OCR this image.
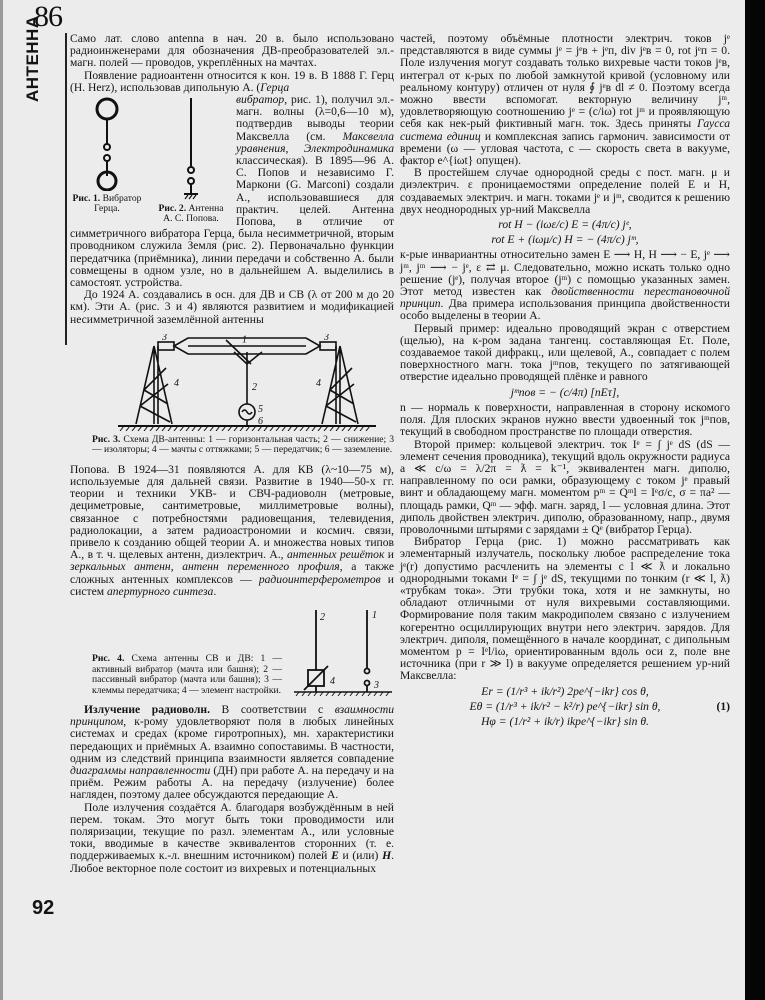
86
АНТЕННА
92

Само лат. слово antenna в нач. 20 в. было использовано радиоинженерами для обозначения ДВ-преобразователей эл.-магн. полей — проводов, укреплённых на мачтах.

Появление радиоантенн относится к кон. 19 в. В 1888 Г. Герц (H. Herz), использовав дипольную А. (Герца

Рис. 1. Вибратор Герца.	Рис. 2. Антенна А. С. Попова.

вибратор, рис. 1), получил эл.-магн. волны (λ=0,6—10 м), подтвердив выводы теории Максвелла (см. Максвелла уравнения, Электродинамика классическая). В 1895—96 А. С. Попов и независимо Г. Маркони (G. Marconi) создали А., использовавшиеся для практич. целей. Антенна Попова, в отличие от симметричного вибратора Герца, была несимметричной, вторым проводником служила Земля (рис. 2). Первоначально функции передатчика (приёмника), линии передачи и собственно А. были совмещены в одном узле, но в дальнейшем А. выделились в самостоят. устройства.

До 1924 А. создавались в осн. для ДВ и СВ (λ от 200 м до 20 км). Эти А. (рис. 3 и 4) являются развитием и модификацией несимметричной заземлённой антенны

1
2
3	3
4	4
5
6
Рис. 3. Схема ДВ-антенны: 1 — горизонтальная часть; 2 — снижение; 3 — изоляторы; 4 — мачты с оттяжками; 5 — передатчик; 6 — заземление.

Попова. В 1924—31 появляются А. для КВ (λ~10—75 м), используемые для дальней связи. Развитие в 1940—50-х гг. теории и техники УКВ- и СВЧ-радиоволн (метровые, дециметровые, сантиметровые, миллиметровые волны), связанное с потребностями радиовещания, телевидения, радиолокации, а затем радиоастрономии и космич. связи, привело к созданию общей теории А. и множества новых типов А., в т. ч. щелевых антенн, диэлектрич. А., антенных решёток и зеркальных антенн, антенн переменного профиля, а также сложных антенных комплексов — радиоинтерферометров и систем апертурного синтеза.

Рис. 4. Схема антенны СВ и ДВ: 1 — активный вибратор (мачта или башня); 2 — пассивный вибратор (мачта или башня); 3 — клеммы передатчика; 4 — элемент настройки.
1
2
3
4

Излучение радиоволн. В соответствии с взаимности принципом, к-рому удовлетворяют поля в любых линейных системах и средах (кроме гиротропных), мн. характеристики передающих и приёмных А. взаимно сопоставимы. В частности, одним из следствий принципа взаимности является совпадение диаграммы направленности (ДН) при работе А. на передачу и на приём. Режим работы А. на передачу (излучение) более нагляден, поэтому далее обсуждаются передающие А.

Поле излучения создаётся А. благодаря возбуждённым в ней перем. токам. Это могут быть токи проводимости или поляризации, текущие по разл. элементам А., или условные токи, вводимые в качестве эквивалентов сторонних (т. е. поддерживаемых к.-л. внешним источником) полей E и (или) H. Любое векторное поле состоит из вихревых и потенциальных

частей, поэтому объёмные плотности электрич. токов jᵉ представляются в виде суммы jᵉ = jᵉв + jᵉп, div jᵉв = 0, rot jᵉп = 0. Поле излучения могут создавать только вихревые части токов jᵉв, интеграл от к-рых по любой замкнутой кривой (условному или реальному контуру) отличен от нуля ∮ jᵉв dl ≠ 0. Поэтому всегда можно ввести вспомогат. векторную величину jᵐ, удовлетворяющую соотношению jᵉ = (c/iω) rot jᵐ и проявляющую себя как нек-рый фиктивный магн. ток. Здесь приняты Гаусса система единиц и комплексная запись гармонич. зависимости от времени (ω — угловая частота, c — скорость света в вакууме, фактор e^{iωt} опущен).

В простейшем случае однородной среды с пост. магн. μ и диэлектрич. ε проницаемостями определение полей E и H, создаваемых электрич. и магн. токами jᵉ и jᵐ, сводится к решению двух неоднородных ур-ний Максвелла

rot H − (iωε/c) E = (4π/c) jᵉ,
rot E + (iωμ/c) H = − (4π/c) jᵐ,

к-рые инвариантны относительно замен E ⟶ H, H ⟶ − E, jᵉ ⟶ jᵐ, jᵐ ⟶ − jᵉ, ε ⇄ μ. Следовательно, можно искать только одно решение (jᵉ), получая второе (jᵐ) с помощью указанных замен. Этот метод известен как двойственности перестановочной принцип. Два примера использования принципа двойственности особо выделены в теории А.

Первый пример: идеально проводящий экран с отверстием (щелью), на к-ром задана тангенц. составляющая Eτ. Поле, создаваемое такой дифракц., или щелевой, А., совпадает с полем поверхностного магн. тока jᵐпов, текущего по затягивающей отверстие идеально проводящей плёнке и равного

jᵐпов = − (c/4π) [nEτ],

n — нормаль к поверхности, направленная в сторону искомого поля. Для плоских экранов нужно ввести удвоенный ток jᵐпов, текущий в свободном пространстве по площади отверстия.

Второй пример: кольцевой электрич. ток Iᵉ = ∫ jᵉ dS (dS — элемент сечения проводника), текущий вдоль окружности радиуса a ≪ c/ω = λ/2π = ƛ = k⁻¹, эквивалентен магн. диполю, направленному по оси рамки, образующему с током jᵉ правый винт и обладающему магн. моментом pᵐ = Qᵐl = Iᵉσ/c, σ = πa² — площадь рамки, Qᵐ — эфф. магн. заряд, l — условная длина. Этот диполь двойствен электрич. диполю, образованному, напр., двумя проволочными штырями с зарядами ± Qᵉ (вибратор Герца).

Вибратор Герца (рис. 1) можно рассматривать как элементарный излучатель, поскольку любое распределение тока jᵉ(r) допустимо расчленить на элементы с l ≪ ƛ и локально однородными токами Iᵉ = ∫ jᵉ dS, текущими по тонким (r ≪ l, ƛ) «трубкам тока». Эти трубки тока, хотя и не замкнуты, но обладают отличными от нуля вихревыми составляющими. Формирование поля таким макродиполем связано с излучением когерентно осциллирующих внутри него электрич. зарядов. Для электрич. диполя, помещённого в начале координат, с дипольным моментом p = Iᵉl/iω, ориентированным вдоль оси z, поле вне источника (при r ≫ l) в вакууме определяется решением ур-ний Максвелла:

Er = (1/r³ + ik/r²) 2pe^{−ikr} cos θ,
Eθ = (1/r³ + ik/r² − k²/r) pe^{−ikr} sin θ,	(1)
Hφ = (1/r² + ik/r) ikpe^{−ikr} sin θ.
